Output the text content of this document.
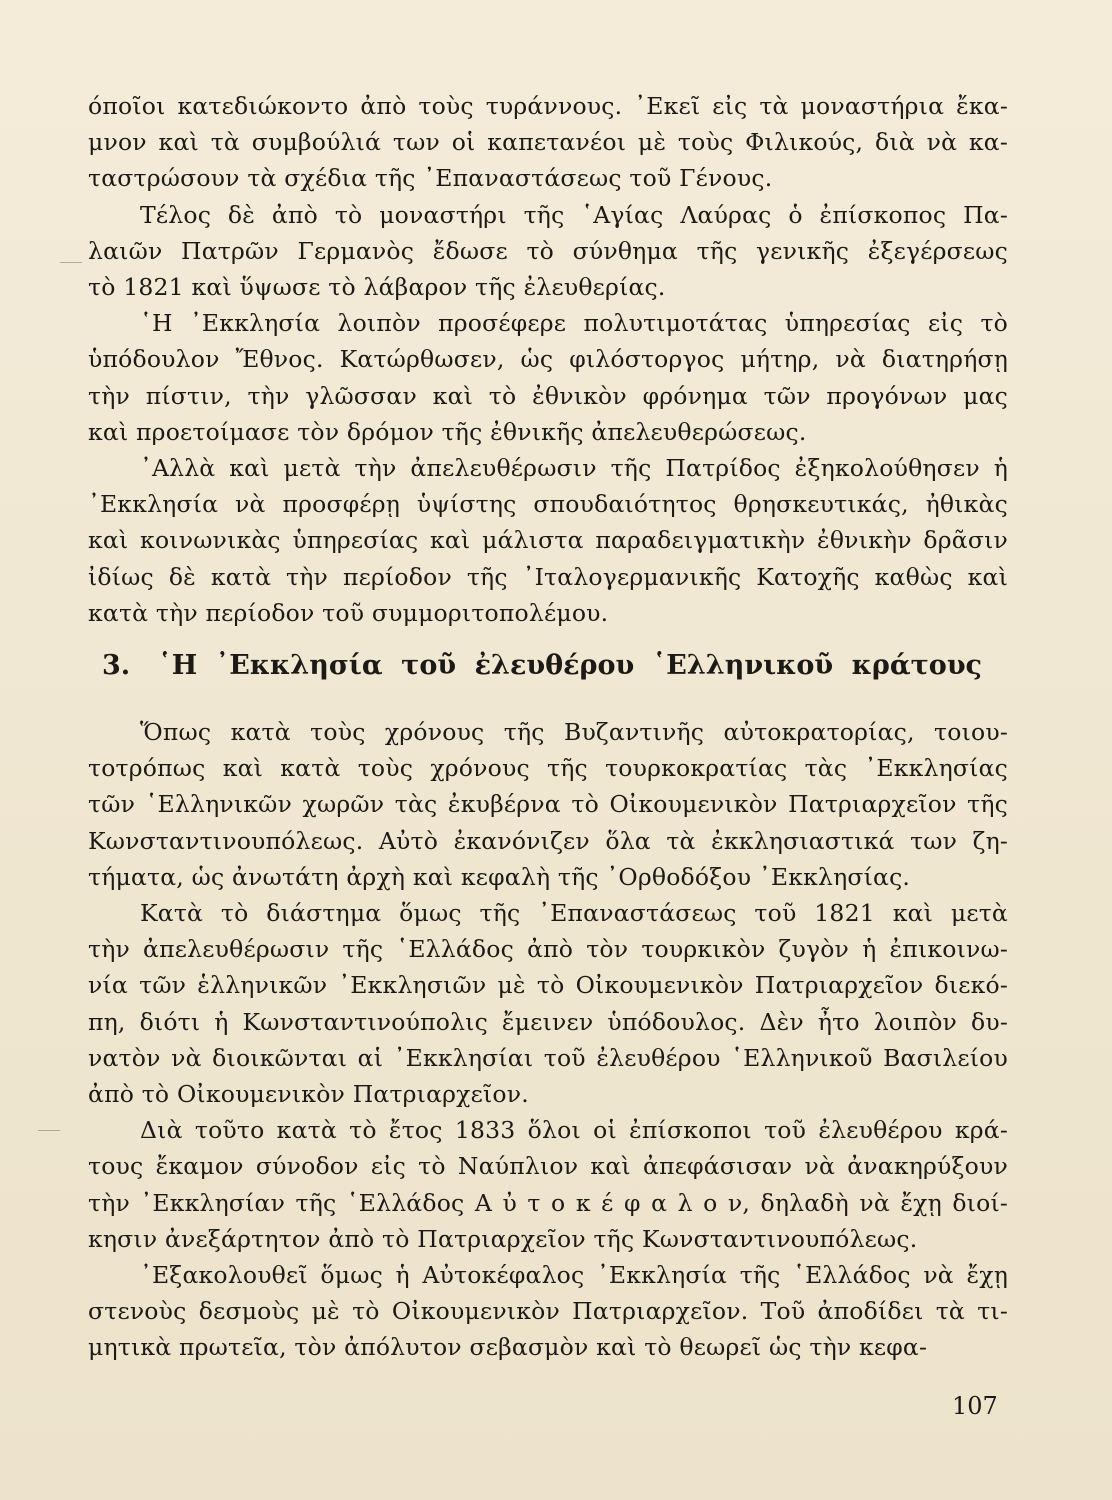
όποῖοι κατεδιώκοντο ἀπὸ τοὺς τυράννους. ᾿Εκεῖ εἰς τὰ μοναστήρια ἔκα-
μνον καὶ τὰ συμβούλιά των οἱ καπετανέοι μὲ τοὺς Φιλικούς, διὰ νὰ κα-
ταστρώσουν τὰ σχέδια τῆς ᾿Επαναστάσεως τοῦ Γένους.
Τέλος δὲ ἀπὸ τὸ μοναστήρι τῆς ῾Αγίας Λαύρας ὁ ἐπίσκοπος Πα-
λαιῶν Πατρῶν Γερμανὸς ἔδωσε τὸ σύνθημα τῆς γενικῆς ἐξεγέρσεως
τὸ 1821 καὶ ὕψωσε τὸ λάβαρον τῆς ἐλευθερίας.
῾Η ᾿Εκκλησία λοιπὸν προσέφερε πολυτιμοτάτας ὑπηρεσίας εἰς τὸ
ὑπόδουλον Ἔθνος. Κατώρθωσεν, ὡς φιλόστοργος μήτηρ, νὰ διατηρήσῃ
τὴν πίστιν, τὴν γλῶσσαν καὶ τὸ ἐθνικὸν φρόνημα τῶν προγόνων μας
καὶ προετοίμασε τὸν δρόμον τῆς ἐθνικῆς ἀπελευθερώσεως.
᾿Αλλὰ καὶ μετὰ τὴν ἀπελευθέρωσιν τῆς Πατρίδος ἐξηκολούθησεν ἡ
᾿Εκκλησία νὰ προσφέρῃ ὑψίστης σπουδαιότητος θρησκευτικάς, ἠθικὰς
καὶ κοινωνικὰς ὑπηρεσίας καὶ μάλιστα παραδειγματικὴν ἐθνικὴν δρᾶσιν
ἰδίως δὲ κατὰ τὴν περίοδον τῆς ᾿Ιταλογερμανικῆς Κατοχῆς καθὼς καὶ
κατὰ τὴν περίοδον τοῦ συμμοριτοπολέμου.
3. ῾Η ᾿Εκκλησία τοῦ ἐλευθέρου ῾Ελληνικοῦ κράτους
Ὅπως κατὰ τοὺς χρόνους τῆς Βυζαντινῆς αὐτοκρατορίας, τοιου-
τοτρόπως καὶ κατὰ τοὺς χρόνους τῆς τουρκοκρατίας τὰς ᾿Εκκλησίας
τῶν ῾Ελληνικῶν χωρῶν τὰς ἐκυβέρνα τὸ Οἰκουμενικὸν Πατριαρχεῖον τῆς
Κωνσταντινουπόλεως. Αὐτὸ ἐκανόνιζεν ὅλα τὰ ἐκκλησιαστικά των ζη-
τήματα, ὡς ἀνωτάτη ἀρχὴ καὶ κεφαλὴ τῆς ᾿Ορθοδόξου ᾿Εκκλησίας.
Κατὰ τὸ διάστημα ὅμως τῆς ᾿Επαναστάσεως τοῦ 1821 καὶ μετὰ
τὴν ἀπελευθέρωσιν τῆς ῾Ελλάδος ἀπὸ τὸν τουρκικὸν ζυγὸν ἡ ἐπικοινω-
νία τῶν ἑλληνικῶν ᾿Εκκλησιῶν μὲ τὸ Οἰκουμενικὸν Πατριαρχεῖον διεκό-
πη, διότι ἡ Κωνσταντινούπολις ἔμεινεν ὑπόδουλος. Δὲν ἦτο λοιπὸν δυ-
νατὸν νὰ διοικῶνται αἱ ᾿Εκκλησίαι τοῦ ἐλευθέρου ῾Ελληνικοῦ Βασιλείου
ἀπὸ τὸ Οἰκουμενικὸν Πατριαρχεῖον.
Διὰ τοῦτο κατὰ τὸ ἔτος 1833 ὅλοι οἱ ἐπίσκοποι τοῦ ἐλευθέρου κρά-
τους ἔκαμον σύνοδον εἰς τὸ Ναύπλιον καὶ ἀπεφάσισαν νὰ ἀνακηρύξουν
τὴν ᾿Εκκλησίαν τῆς ῾Ελλάδος Α ὐ τ ο κ έ φ α λ ο ν, δηλαδὴ νὰ ἔχῃ διοί-
κησιν ἀνεξάρτητον ἀπὸ τὸ Πατριαρχεῖον τῆς Κωνσταντινουπόλεως.
᾿Εξακολουθεῖ ὅμως ἡ Αὐτοκέφαλος ᾿Εκκλησία τῆς ῾Ελλάδος νὰ ἔχῃ
στενοὺς δεσμοὺς μὲ τὸ Οἰκουμενικὸν Πατριαρχεῖον. Τοῦ ἀποδίδει τὰ τι-
μητικὰ πρωτεῖα, τὸν ἀπόλυτον σεβασμὸν καὶ τὸ θεωρεῖ ὡς τὴν κεφα-
107
